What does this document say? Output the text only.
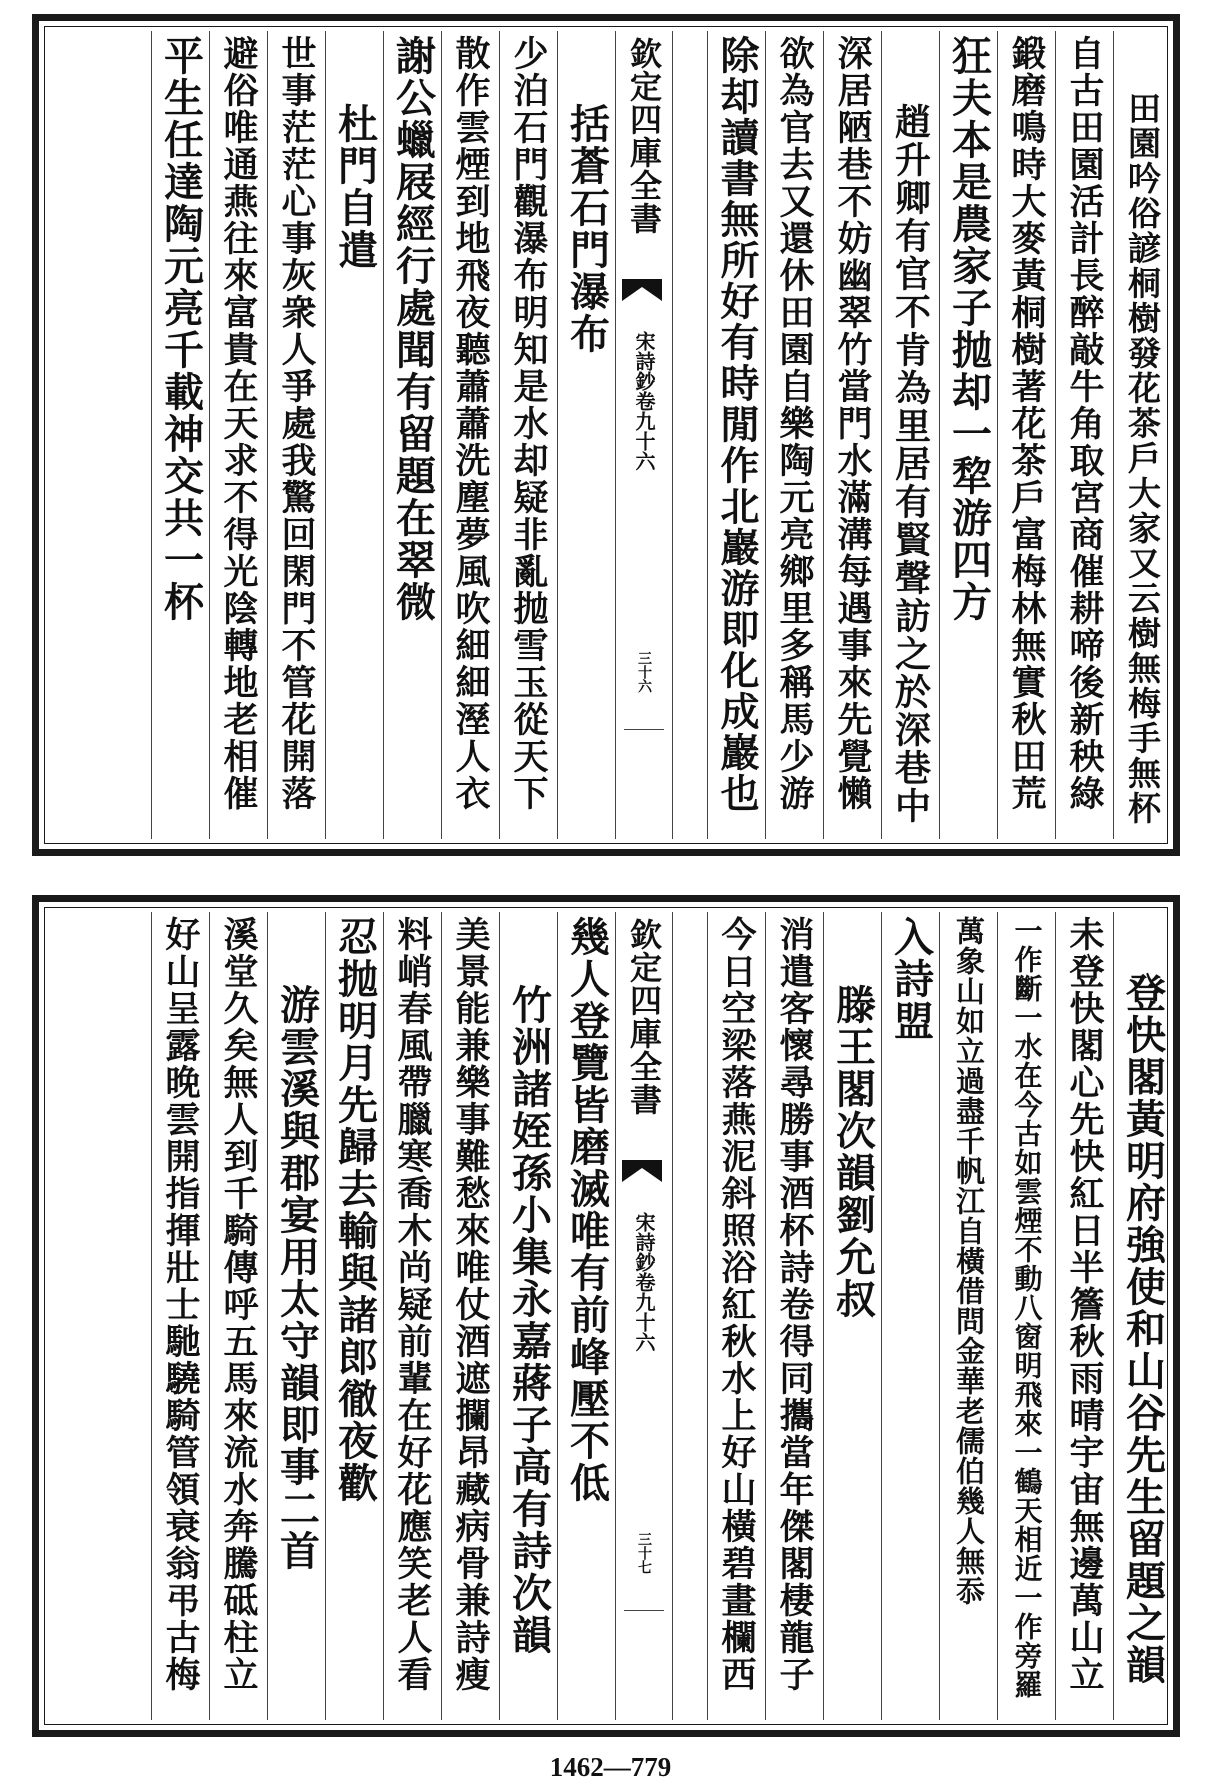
田園吟俗諺桐樹發花茶戶大家又云樹無梅手無杯
自古田園活計長醉敲牛角取宮商催耕啼後新秧綠
鍛磨鳴時大麥黃桐樹著花茶戶富梅林無實秋田荒
狂夫本是農家子抛却一犂游四方
趙升卿有官不肯為里居有賢聲訪之於深巷中
深居陋巷不妨幽翠竹當門水滿溝每遇事來先覺懶
欲為官去又還休田園自樂陶元亮鄉里多稱馬少游
除却讀書無所好有時閒作北巖游即化成巖也
欽定四庫全書
宋詩鈔卷九十六
三十六
括蒼石門瀑布
少泊石門觀瀑布明知是水却疑非亂抛雪玉從天下
散作雲煙到地飛夜聽蕭蕭洗塵夢風吹細細溼人衣
謝公蠟屐經行處聞有留題在翠微
杜門自遣
世事茫茫心事灰衆人爭處我驚回閑門不管花開落
避俗唯通燕往來富貴在天求不得光陰轉地老相催
平生任達陶元亮千載神交共一杯
登快閣黃明府強使和山谷先生留題之韻
未登快閣心先快紅日半簷秋雨晴宇宙無邊萬山立
一作斷一水在今古如雲煙不動八窗明飛來一鶴天相近一作旁羅
萬象山如立過盡千帆江自橫借問金華老儒伯幾人無忝
入詩盟
滕王閣次韻劉允叔
消遣客懷尋勝事酒杯詩卷得同攜當年傑閣棲龍子
今日空梁落燕泥斜照浴紅秋水上好山橫碧畫欄西
欽定四庫全書
宋詩鈔卷九十六
三十七
幾人登覽皆磨滅唯有前峰壓不低
竹洲諸姪孫小集永嘉蔣子高有詩次韻
美景能兼樂事難愁來唯仗酒遮攔昂藏病骨兼詩瘦
料峭春風帶臘寒喬木尚疑前輩在好花應笑老人看
忍抛明月先歸去輸與諸郎徹夜歡
游雲溪與郡宴用太守韻即事二首
溪堂久矣無人到千騎傳呼五馬來流水奔騰砥柱立
好山呈露晚雲開指揮壯士馳驍騎管領衰翁弔古梅
1462—779
